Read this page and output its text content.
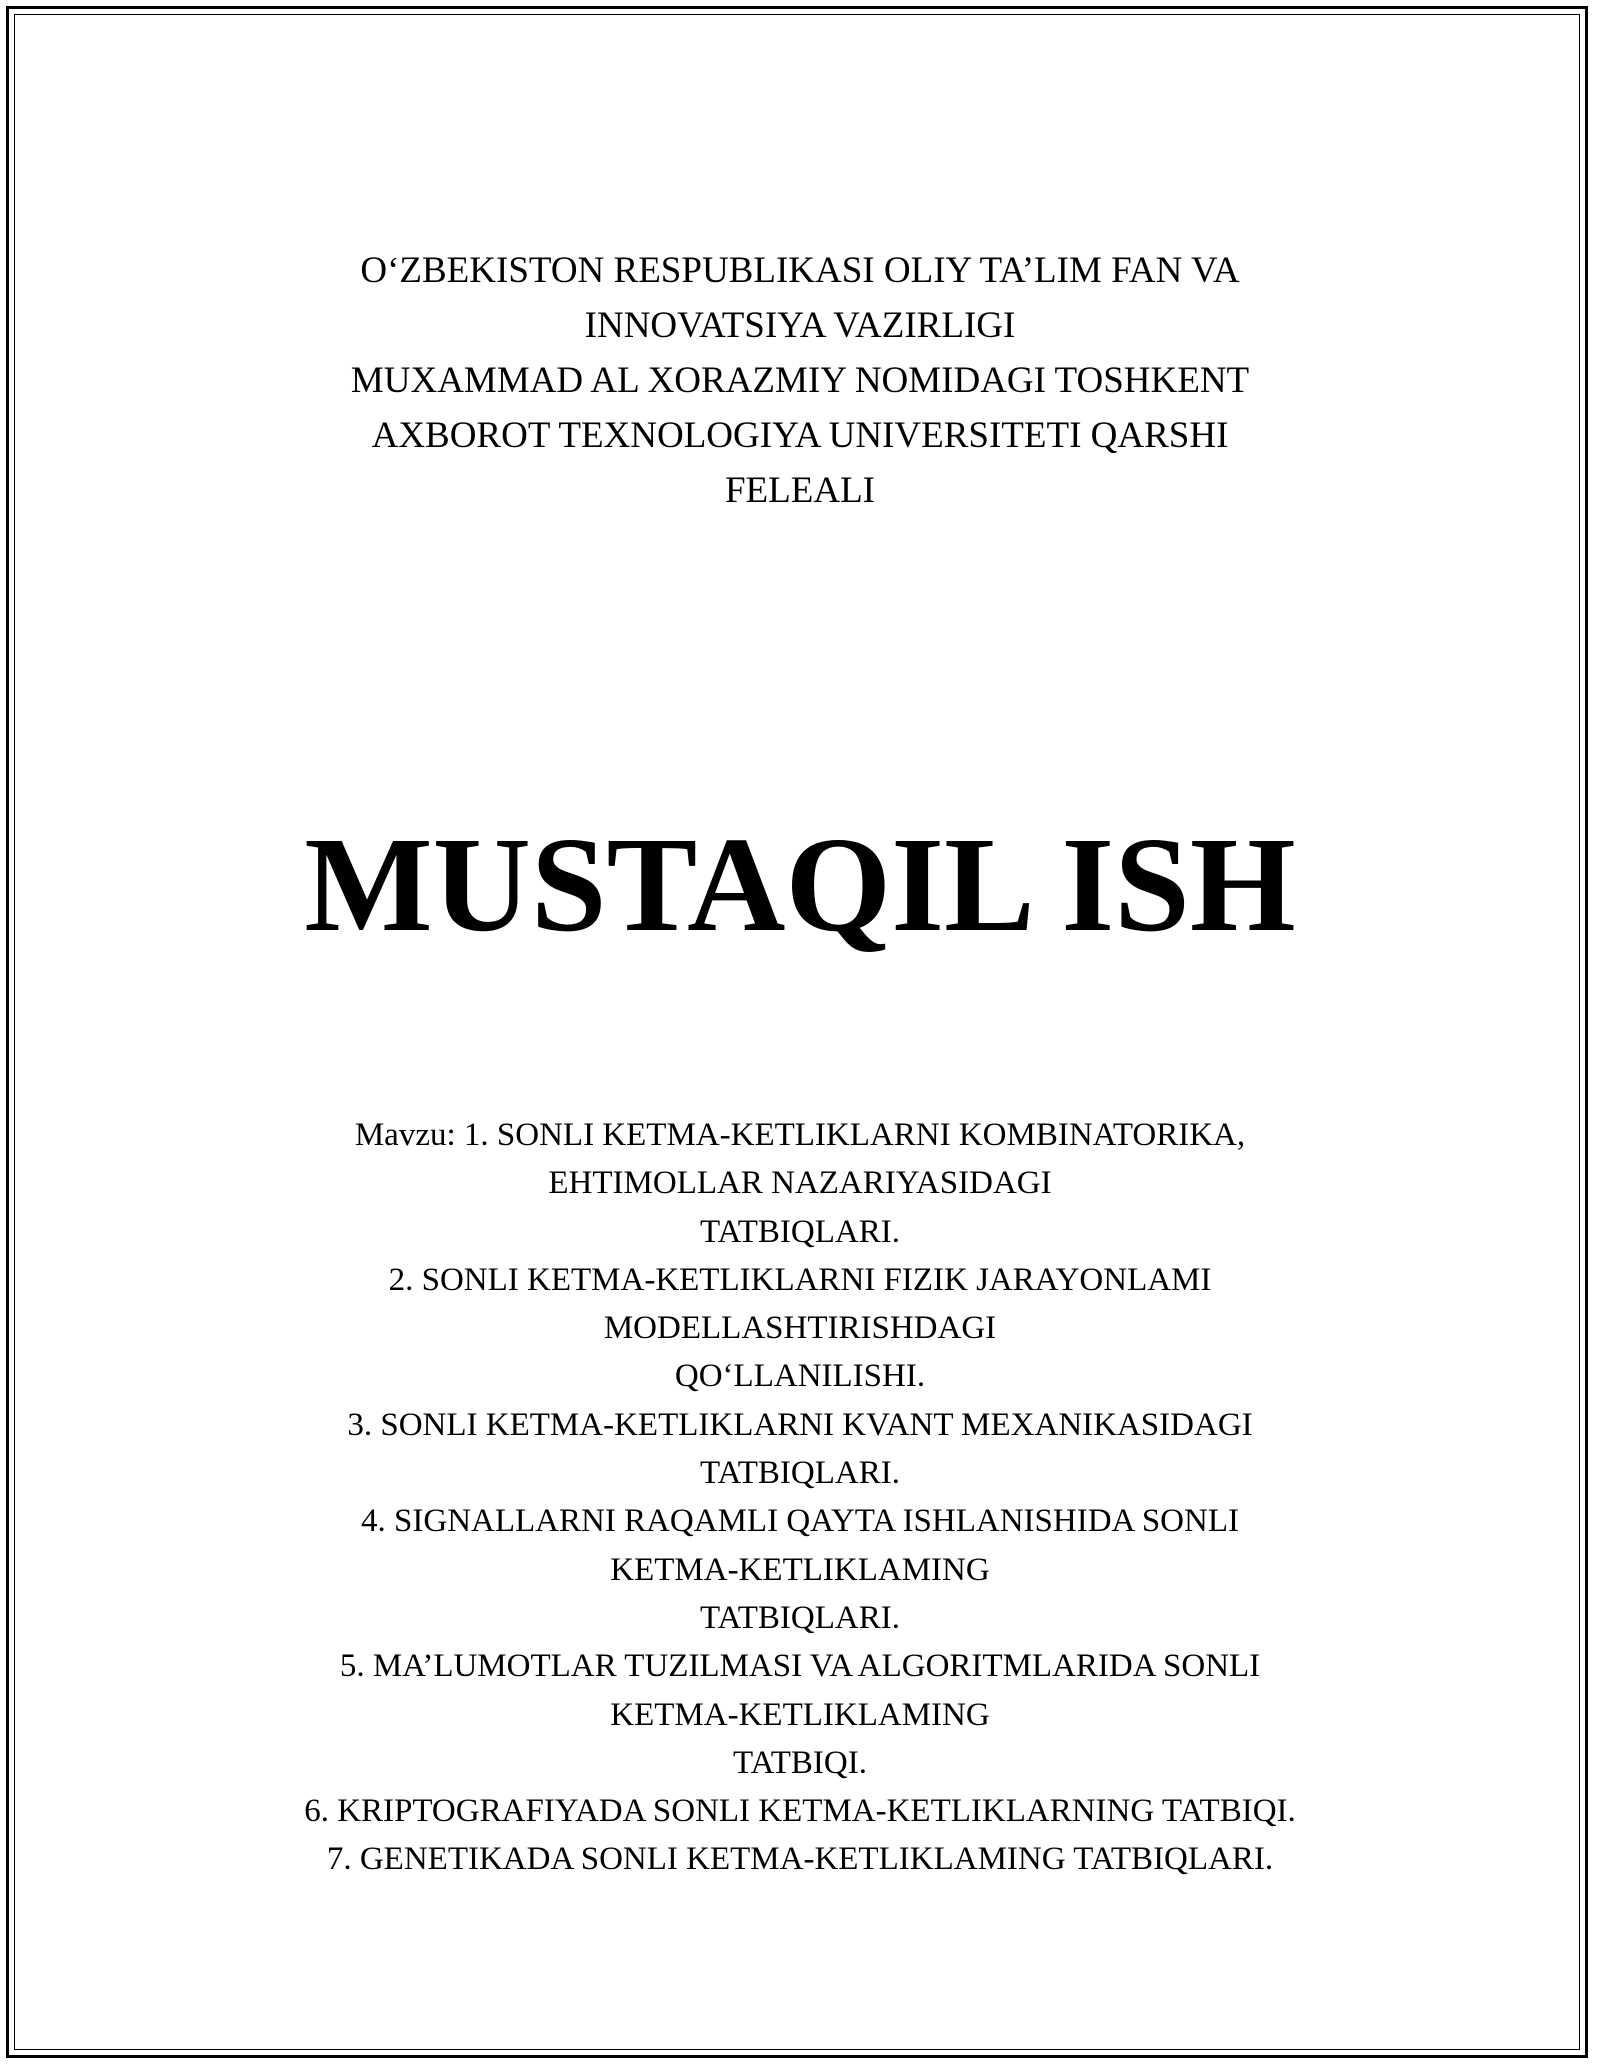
O‘ZBEKISTON RESPUBLIKASI OLIY TA’LIM FAN VA
INNOVATSIYA VAZIRLIGI
MUXAMMAD AL XORAZMIY NOMIDAGI TOSHKENT
AXBOROT TEXNOLOGIYA UNIVERSITETI QARSHI
FELEALI
MUSTAQIL ISH
Mavzu: 1. SONLI KETMA-KETLIKLARNI KOMBINATORIKA,
EHTIMOLLAR NAZARIYASIDAGI
TATBIQLARI.
2. SONLI KETMA-KETLIKLARNI FIZIK JARAYONLAMI
MODELLASHTIRISHDAGI
QO‘LLANILISHI.
3. SONLI KETMA-KETLIKLARNI KVANT MEXANIKASIDAGI
TATBIQLARI.
4. SIGNALLARNI RAQAMLI QAYTA ISHLANISHIDA SONLI
KETMA-KETLIKLAMING
TATBIQLARI.
5. MA’LUMOTLAR TUZILMASI VA ALGORITMLARIDA SONLI
KETMA-KETLIKLAMING
TATBIQI.
6. KRIPTOGRAFIYADA SONLI KETMA-KETLIKLARNING TATBIQI.
7. GENETIKADA SONLI KETMA-KETLIKLAMING TATBIQLARI.
